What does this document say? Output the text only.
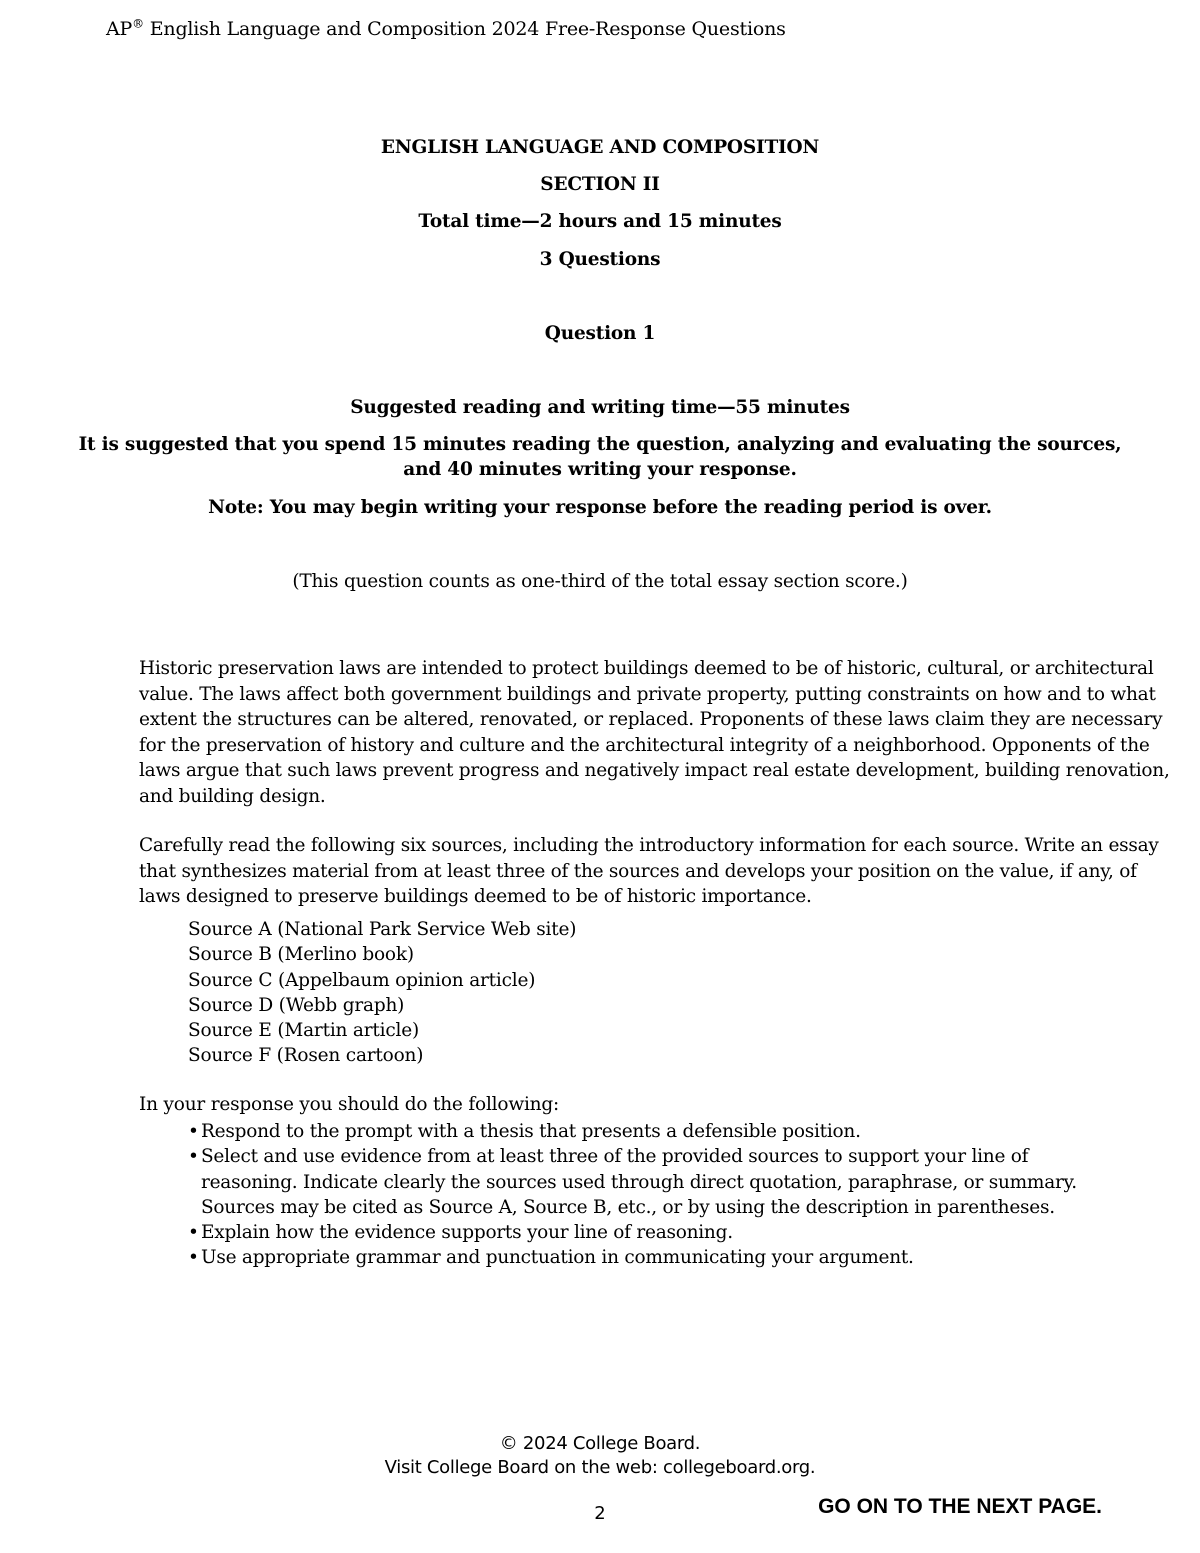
AP® English Language and Composition 2024 Free-Response Questions
ENGLISH LANGUAGE AND COMPOSITION
SECTION II
Total time—2 hours and 15 minutes
3 Questions
Question 1
Suggested reading and writing time—55 minutes
It is suggested that you spend 15 minutes reading the question, analyzing and evaluating the sources,
and 40 minutes writing your response.
Note: You may begin writing your response before the reading period is over.
(This question counts as one-third of the total essay section score.)
Historic preservation laws are intended to protect buildings deemed to be of historic, cultural, or architectural
value. The laws affect both government buildings and private property, putting constraints on how and to what
extent the structures can be altered, renovated, or replaced. Proponents of these laws claim they are necessary
for the preservation of history and culture and the architectural integrity of a neighborhood. Opponents of the
laws argue that such laws prevent progress and negatively impact real estate development, building renovation,
and building design.
Carefully read the following six sources, including the introductory information for each source. Write an essay
that synthesizes material from at least three of the sources and develops your position on the value, if any, of
laws designed to preserve buildings deemed to be of historic importance.
Source A (National Park Service Web site)
Source B (Merlino book)
Source C (Appelbaum opinion article)
Source D (Webb graph)
Source E (Martin article)
Source F (Rosen cartoon)
In your response you should do the following:
• Respond to the prompt with a thesis that presents a defensible position.
• Select and use evidence from at least three of the provided sources to support your line of
reasoning. Indicate clearly the sources used through direct quotation, paraphrase, or summary.
Sources may be cited as Source A, Source B, etc., or by using the description in parentheses.
• Explain how the evidence supports your line of reasoning.
• Use appropriate grammar and punctuation in communicating your argument.
© 2024 College Board.
Visit College Board on the web: collegeboard.org.
2	GO ON TO THE NEXT PAGE.
